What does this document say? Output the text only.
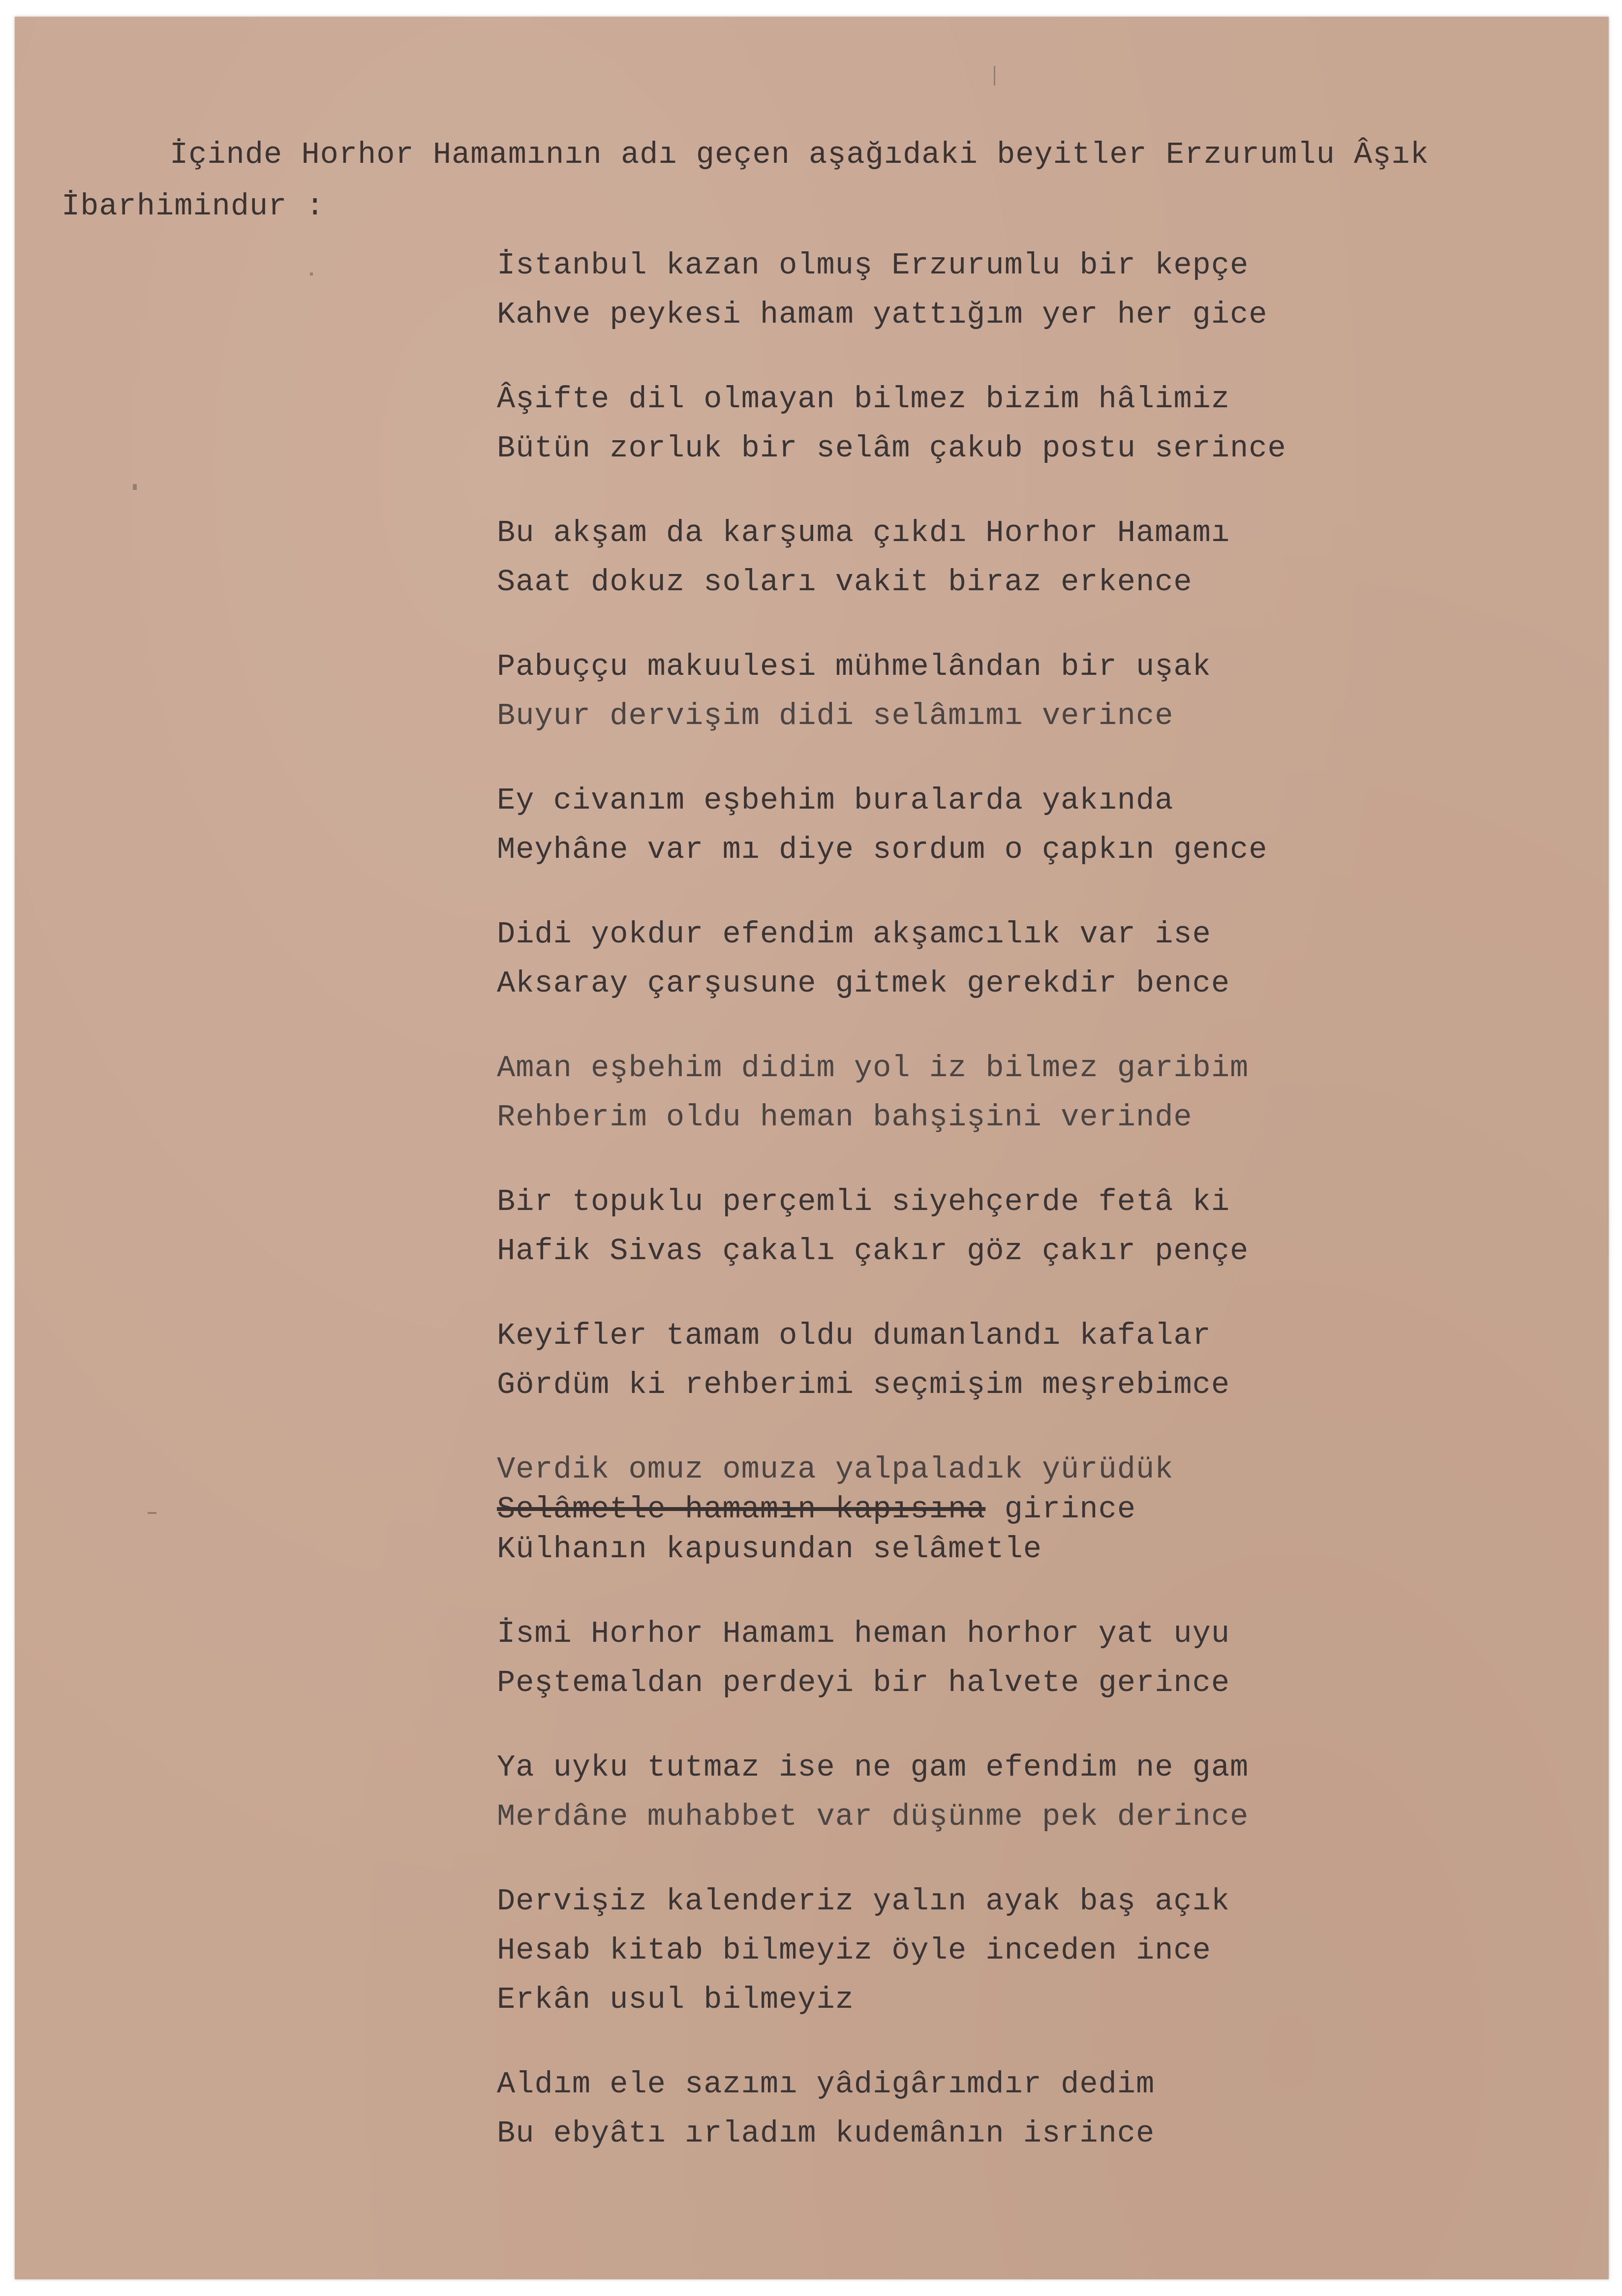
İçinde Horhor Hamamının adı geçen aşağıdaki beyitler Erzurumlu Âşık
İbarhimindur :
İstanbul kazan olmuş Erzurumlu bir kepçe
Kahve peykesi hamam yattığım yer her gice
Âşifte dil olmayan bilmez bizim hâlimiz
Bütün zorluk bir selâm çakub postu serince
Bu akşam da karşuma çıkdı Horhor Hamamı
Saat dokuz soları vakit biraz erkence
Pabuççu makuulesi mühmelândan bir uşak
Buyur dervişim didi selâmımı verince
Ey civanım eşbehim buralarda yakında
Meyhâne var mı diye sordum o çapkın gence
Didi yokdur efendim akşamcılık var ise
Aksaray çarşusune gitmek gerekdir bence
Aman eşbehim didim yol iz bilmez garibim
Rehberim oldu heman bahşişini verinde
Bir topuklu perçemli siyehçerde fetâ ki
Hafik Sivas çakalı çakır göz çakır pençe
Keyifler tamam oldu dumanlandı kafalar
Gördüm ki rehberimi seçmişim meşrebimce
Verdik omuz omuza yalpaladık yürüdük
Selâmetle hamamın kapısına girince
Külhanın kapusundan selâmetle
İsmi Horhor Hamamı heman horhor yat uyu
Peştemaldan perdeyi bir halvete gerince
Ya uyku tutmaz ise ne gam efendim ne gam
Merdâne muhabbet var düşünme pek derince
Dervişiz kalenderiz yalın ayak baş açık
Hesab kitab bilmeyiz öyle inceden ince
Erkân usul bilmeyiz
Aldım ele sazımı yâdigârımdır dedim
Bu ebyâtı ırladım kudemânın isrince
